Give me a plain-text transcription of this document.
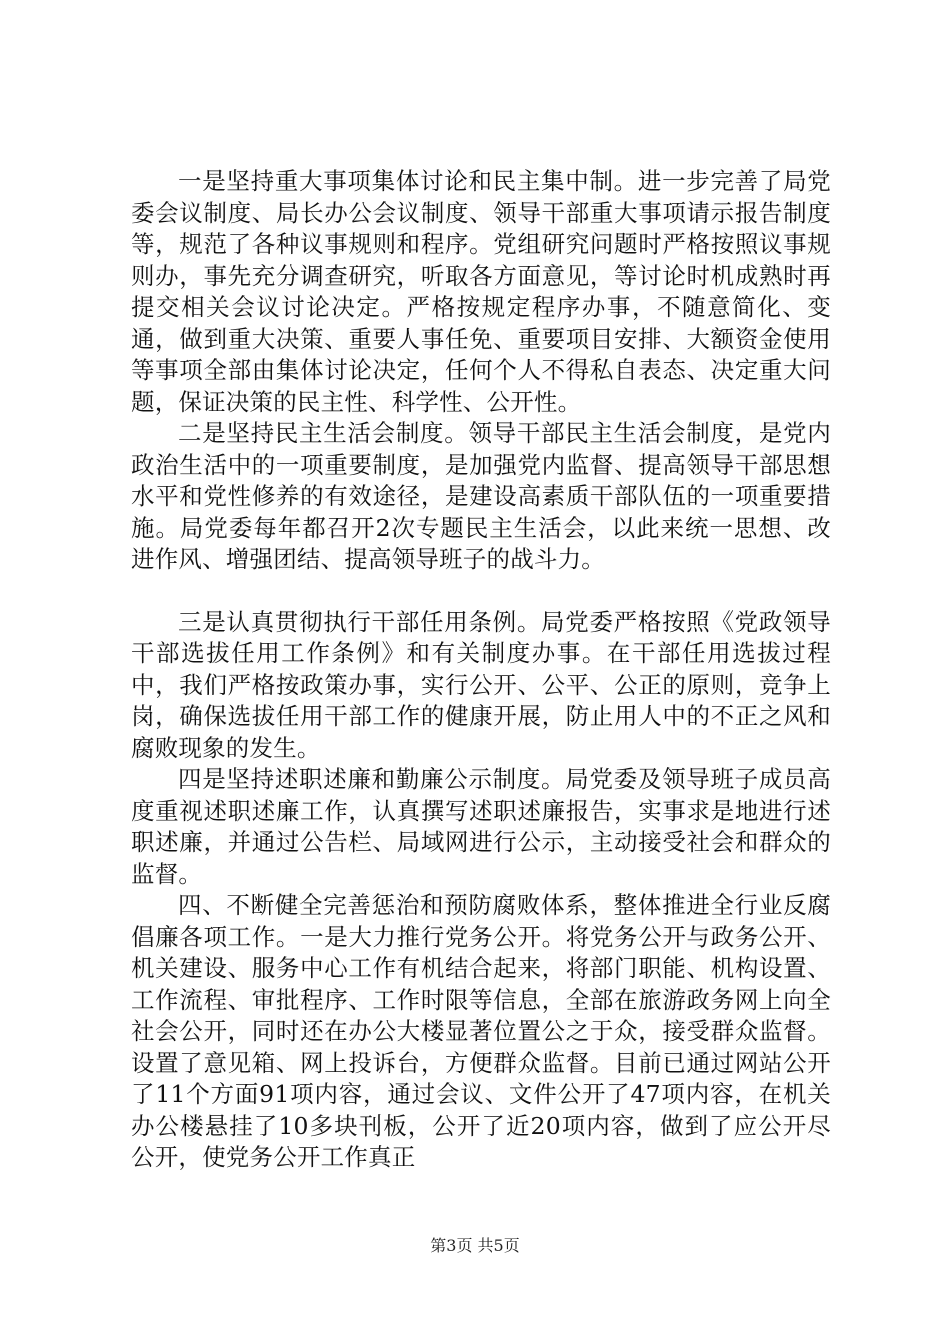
一是坚持重大事项集体讨论和民主集中制。进一步完善了局党委会议制度、局长办公会议制度、领导干部重大事项请示报告制度等，规范了各种议事规则和程序。党组研究问题时严格按照议事规则办，事先充分调查研究，听取各方面意见，等讨论时机成熟时再提交相关会议讨论决定。严格按规定程序办事，不随意简化、变通，做到重大决策、重要人事任免、重要项目安排、大额资金使用等事项全部由集体讨论决定，任何个人不得私自表态、决定重大问题，保证决策的民主性、科学性、公开性。

二是坚持民主生活会制度。领导干部民主生活会制度，是党内政治生活中的一项重要制度，是加强党内监督、提高领导干部思想水平和党性修养的有效途径，是建设高素质干部队伍的一项重要措施。局党委每年都召开2次专题民主生活会，以此来统一思想、改进作风、增强团结、提高领导班子的战斗力。

三是认真贯彻执行干部任用条例。局党委严格按照《党政领导干部选拔任用工作条例》和有关制度办事。在干部任用选拔过程中，我们严格按政策办事，实行公开、公平、公正的原则，竞争上岗，确保选拔任用干部工作的健康开展，防止用人中的不正之风和腐败现象的发生。

四是坚持述职述廉和勤廉公示制度。局党委及领导班子成员高度重视述职述廉工作，认真撰写述职述廉报告，实事求是地进行述职述廉，并通过公告栏、局域网进行公示，主动接受社会和群众的监督。

四、不断健全完善惩治和预防腐败体系，整体推进全行业反腐倡廉各项工作。一是大力推行党务公开。将党务公开与政务公开、机关建设、服务中心工作有机结合起来，将部门职能、机构设置、工作流程、审批程序、工作时限等信息，全部在旅游政务网上向全社会公开，同时还在办公大楼显著位置公之于众，接受群众监督。设置了意见箱、网上投诉台，方便群众监督。目前已通过网站公开了11个方面91项内容，通过会议、文件公开了47项内容，在机关办公楼悬挂了10多块刊板，公开了近20项内容，做到了应公开尽公开，使党务公开工作真正

第3页 共5页
